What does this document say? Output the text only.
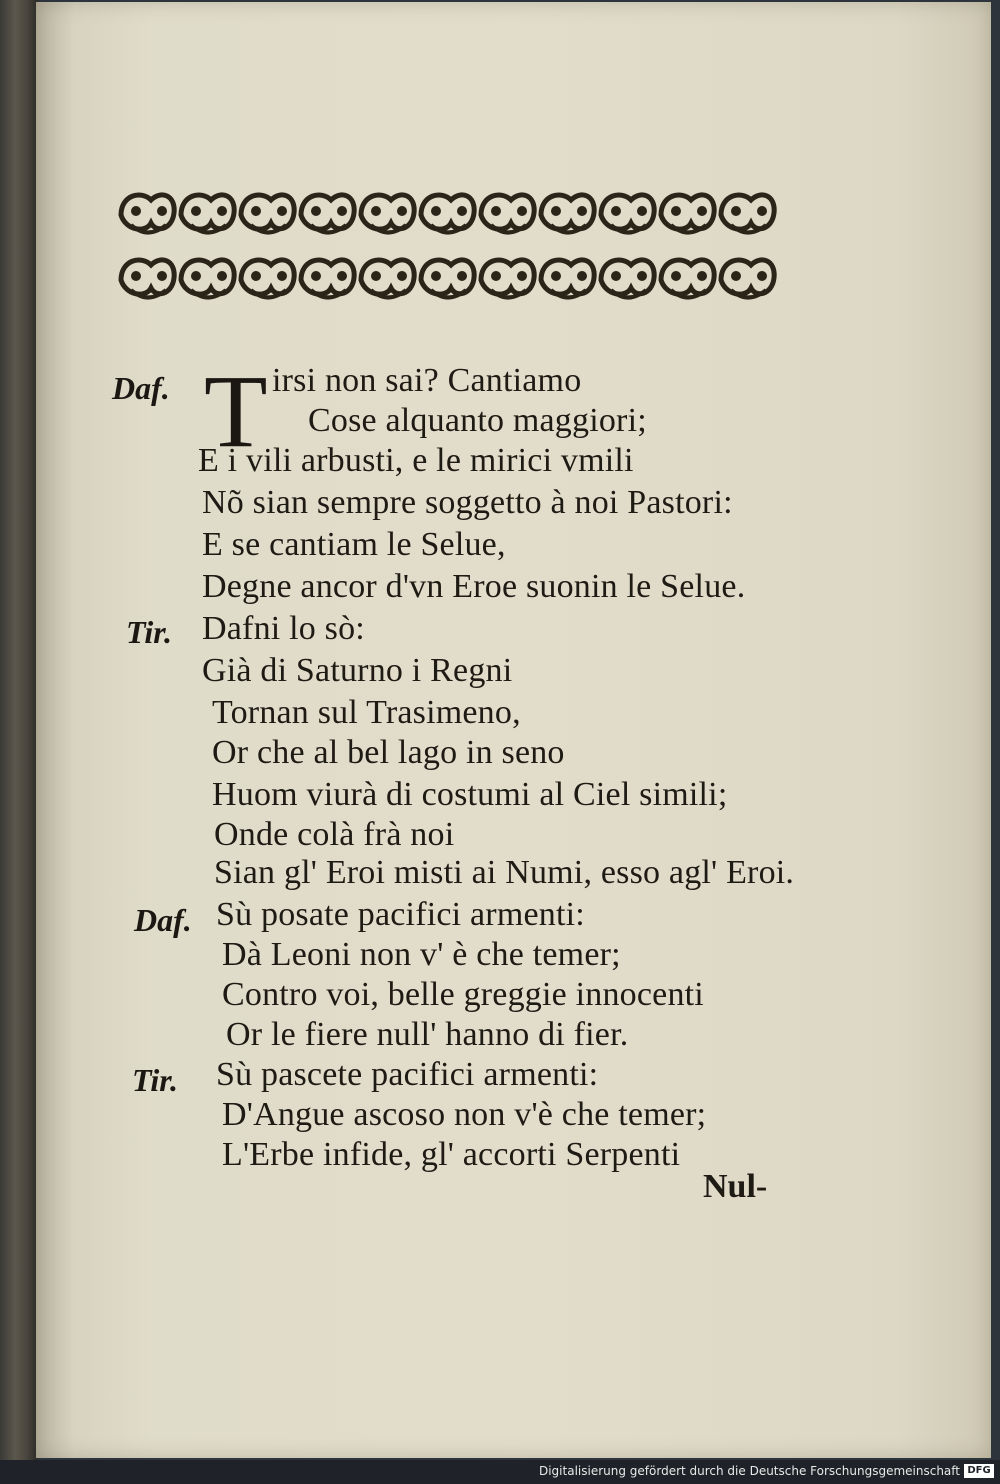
T
Daf.	irsi non sai? Cantiamo
Cose alquanto maggiori;
E i vili arbusti, e le mirici vmili
Nõ sian sempre soggetto à noi Pastori:
E se cantiam le Selue,
Degne ancor d'vn Eroe suonin le Selue.
Tir. Dafni lo sò:
Già di Saturno i Regni
Tornan sul Trasimeno,
Or che al bel lago in seno
Huom viurà di costumi al Ciel simili;
Onde colà frà noi
Sian gl' Eroi misti ai Numi, esso agl' Eroi.
Daf. Sù posate pacifici armenti:
Dà Leoni non v' è che temer;
Contro voi, belle greggie innocenti
Or le fiere null' hanno di fier.
Tir. Sù pascete pacifici armenti:
D'Angue ascoso non v'è che temer;
L'Erbe infide, gl' accorti Serpenti
Nul-
Digitalisierung gefördert durch die Deutsche Forschungsgemeinschaft DFG
